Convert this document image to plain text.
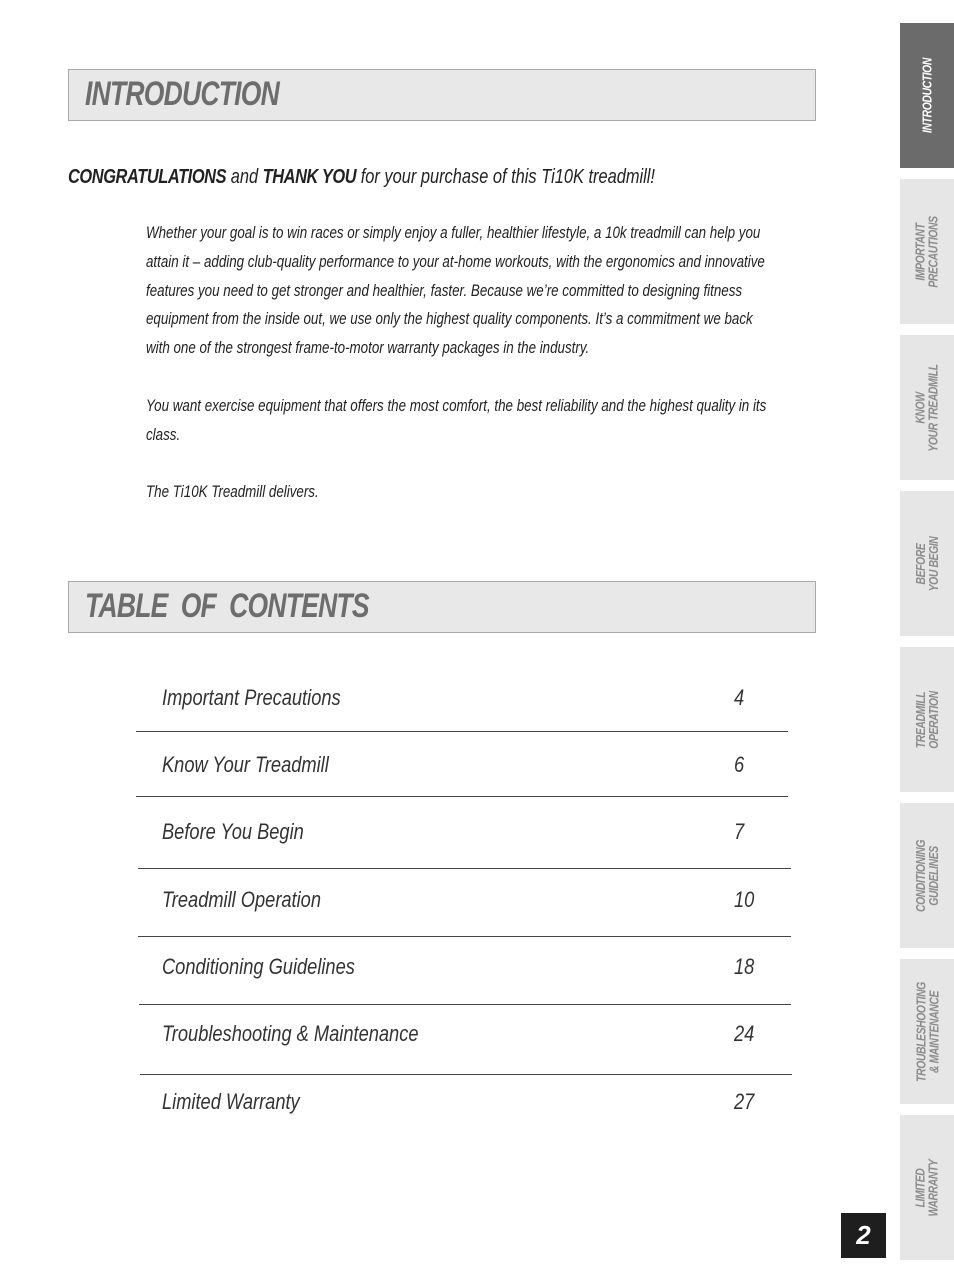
INTRODUCTION
CONGRATULATIONS and THANK YOU for your purchase of this Ti10K treadmill!
Whether your goal is to win races or simply enjoy a fuller, healthier lifestyle, a 10k treadmill can help you
attain it – adding club-quality performance to your at-home workouts, with the ergonomics and innovative
features you need to get stronger and healthier, faster. Because we’re committed to designing fitness
equipment from the inside out, we use only the highest quality components. It’s a commitment we back
with one of the strongest frame-to-motor warranty packages in the industry.
You want exercise equipment that offers the most comfort, the best reliability and the highest quality in its
class.
The Ti10K Treadmill delivers.
TABLE  OF  CONTENTS
Important Precautions	4
Know Your Treadmill	6
Before You Begin	7
Treadmill Operation	10
Conditioning Guidelines	18
Troubleshooting & Maintenance	24
Limited Warranty	27
INTRODUCTION
IMPORTANT
PRECAUTIONS
KNOW
YOUR TREADMILL
BEFORE
YOU BEGIN
TREADMILL
OPERATION
CONDITIONING
GUIDELINES
TROUBLESHOOTING
& MAINTENANCE
LIMITED
WARRANTY
2
